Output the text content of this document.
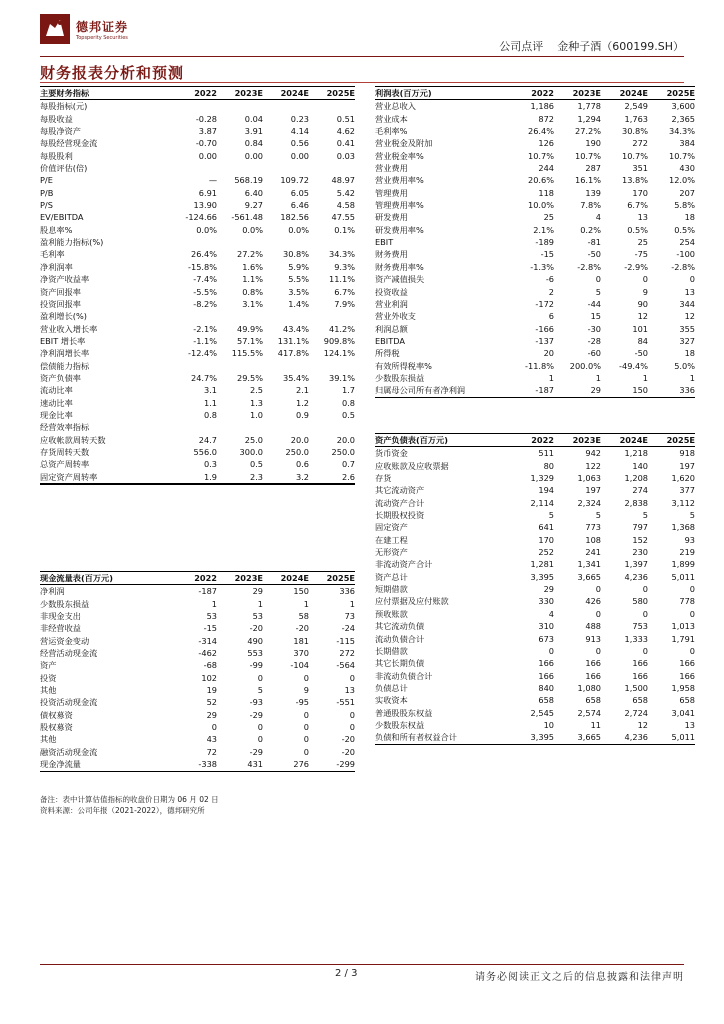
德邦证券
Topsperity Securities
公司点评 金种子酒（600199.SH）
财务报表分析和预测
主要财务指标	2022	2023E	2024E	2025E
每股指标(元)				
每股收益	-0.28	0.04	0.23	0.51
每股净资产	3.87	3.91	4.14	4.62
每股经营现金流	-0.70	0.84	0.56	0.41
每股股利	0.00	0.00	0.00	0.03
价值评估(倍)				
P/E	—	568.19	109.72	48.97
P/B	6.91	6.40	6.05	5.42
P/S	13.90	9.27	6.46	4.58
EV/EBITDA	-124.66	-561.48	182.56	47.55
股息率%	0.0%	0.0%	0.0%	0.1%
盈利能力指标(%)				
毛利率	26.4%	27.2%	30.8%	34.3%
净利润率	-15.8%	1.6%	5.9%	9.3%
净资产收益率	-7.4%	1.1%	5.5%	11.1%
资产回报率	-5.5%	0.8%	3.5%	6.7%
投资回报率	-8.2%	3.1%	1.4%	7.9%
盈利增长(%)				
营业收入增长率	-2.1%	49.9%	43.4%	41.2%
EBIT 增长率	-1.1%	57.1%	131.1%	909.8%
净利润增长率	-12.4%	115.5%	417.8%	124.1%
偿债能力指标				
资产负债率	24.7%	29.5%	35.4%	39.1%
流动比率	3.1	2.5	2.1	1.7
速动比率	1.1	1.3	1.2	0.8
现金比率	0.8	1.0	0.9	0.5
经营效率指标				
应收帐款周转天数	24.7	25.0	20.0	20.0
存货周转天数	556.0	300.0	250.0	250.0
总资产周转率	0.3	0.5	0.6	0.7
固定资产周转率	1.9	2.3	3.2	2.6
利润表(百万元)	2022	2023E	2024E	2025E
营业总收入	1,186	1,778	2,549	3,600
营业成本	872	1,294	1,763	2,365
毛利率%	26.4%	27.2%	30.8%	34.3%
营业税金及附加	126	190	272	384
营业税金率%	10.7%	10.7%	10.7%	10.7%
营业费用	244	287	351	430
营业费用率%	20.6%	16.1%	13.8%	12.0%
管理费用	118	139	170	207
管理费用率%	10.0%	7.8%	6.7%	5.8%
研发费用	25	4	13	18
研发费用率%	2.1%	0.2%	0.5%	0.5%
EBIT	-189	-81	25	254
财务费用	-15	-50	-75	-100
财务费用率%	-1.3%	-2.8%	-2.9%	-2.8%
资产减值损失	-6	0	0	0
投资收益	2	5	9	13
营业利润	-172	-44	90	344
营业外收支	6	15	12	12
利润总额	-166	-30	101	355
EBITDA	-137	-28	84	327
所得税	20	-60	-50	18
有效所得税率%	-11.8%	200.0%	-49.4%	5.0%
少数股东损益	1	1	1	1
归属母公司所有者净利润	-187	29	150	336
资产负债表(百万元)	2022	2023E	2024E	2025E
货币资金	511	942	1,218	918
应收账款及应收票据	80	122	140	197
存货	1,329	1,063	1,208	1,620
其它流动资产	194	197	274	377
流动资产合计	2,114	2,324	2,838	3,112
长期股权投资	5	5	5	5
固定资产	641	773	797	1,368
在建工程	170	108	152	93
无形资产	252	241	230	219
非流动资产合计	1,281	1,341	1,397	1,899
资产总计	3,395	3,665	4,236	5,011
短期借款	29	0	0	0
应付票据及应付账款	330	426	580	778
预收账款	4	0	0	0
其它流动负债	310	488	753	1,013
流动负债合计	673	913	1,333	1,791
长期借款	0	0	0	0
其它长期负债	166	166	166	166
非流动负债合计	166	166	166	166
负债总计	840	1,080	1,500	1,958
实收资本	658	658	658	658
普通股股东权益	2,545	2,574	2,724	3,041
少数股东权益	10	11	12	13
负债和所有者权益合计	3,395	3,665	4,236	5,011
现金流量表(百万元)	2022	2023E	2024E	2025E
净利润	-187	29	150	336
少数股东损益	1	1	1	1
非现金支出	53	53	58	73
非经营收益	-15	-20	-20	-24
营运资金变动	-314	490	181	-115
经营活动现金流	-462	553	370	272
资产	-68	-99	-104	-564
投资	102	0	0	0
其他	19	5	9	13
投资活动现金流	52	-93	-95	-551
债权募资	29	-29	0	0
股权募资	0	0	0	0
其他	43	0	0	-20
融资活动现金流	72	-29	0	-20
现金净流量	-338	431	276	-299
备注：表中计算估值指标的收盘价日期为 06 月 02 日
资料来源：公司年报（2021-2022），德邦研究所
2 / 3	请务必阅读正文之后的信息披露和法律声明
